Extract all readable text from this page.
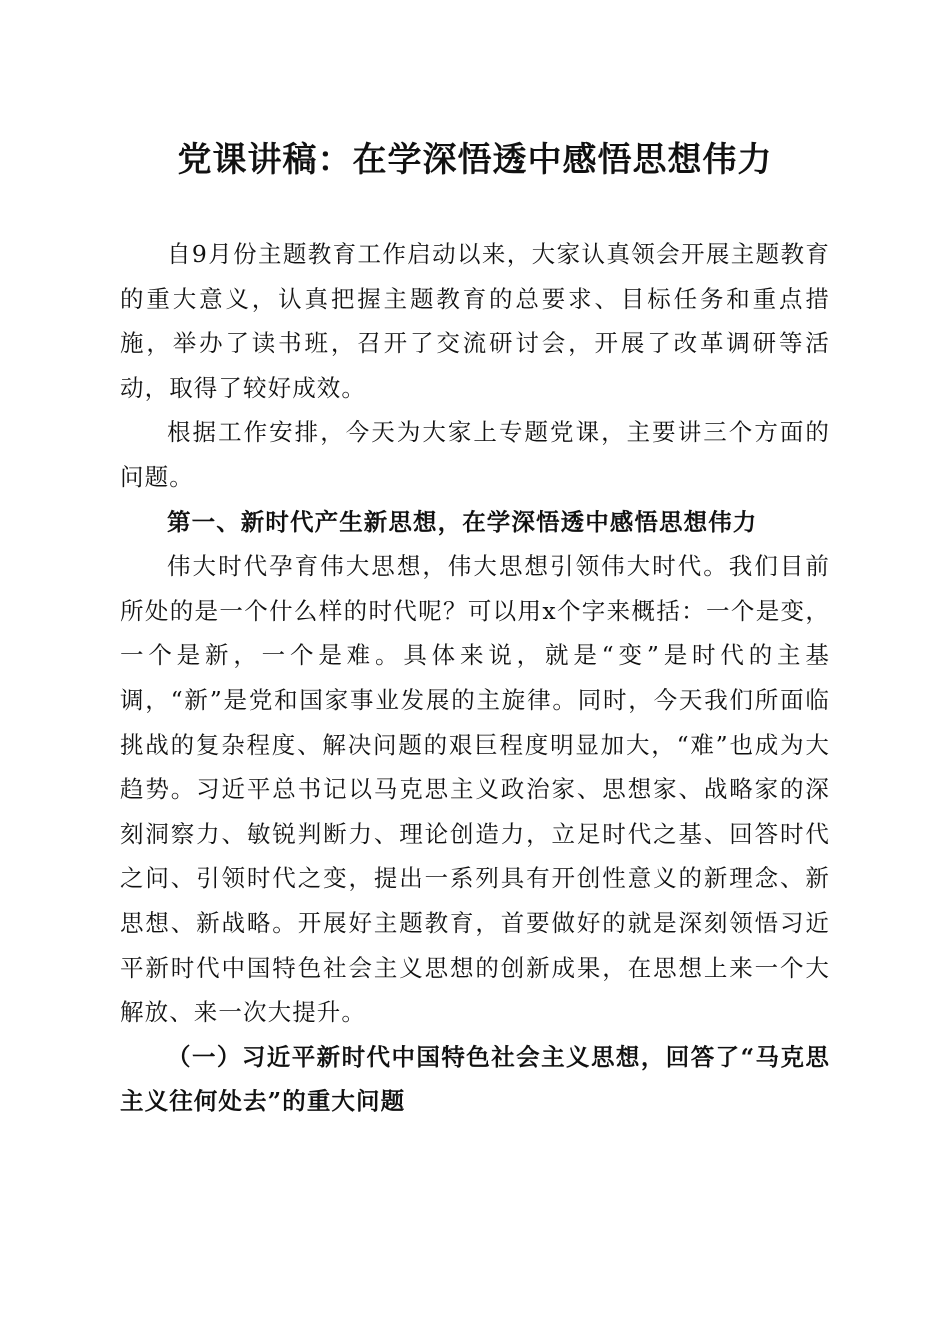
党课讲稿：在学深悟透中感悟思想伟力

自9月份主题教育工作启动以来，大家认真领会开展主题教育的重大意义，认真把握主题教育的总要求、目标任务和重点措施，举办了读书班，召开了交流研讨会，开展了改革调研等活动，取得了较好成效。

根据工作安排，今天为大家上专题党课，主要讲三个方面的问题。

第一、新时代产生新思想，在学深悟透中感悟思想伟力

伟大时代孕育伟大思想，伟大思想引领伟大时代。我们目前所处的是一个什么样的时代呢？可以用x个字来概括：一个是变，一个是新，一个是难。具体来说，就是“变”是时代的主基调，“新”是党和国家事业发展的主旋律。同时，今天我们所面临挑战的复杂程度、解决问题的艰巨程度明显加大，“难”也成为大趋势。习近平总书记以马克思主义政治家、思想家、战略家的深刻洞察力、敏锐判断力、理论创造力，立足时代之基、回答时代之问、引领时代之变，提出一系列具有开创性意义的新理念、新思想、新战略。开展好主题教育，首要做好的就是深刻领悟习近平新时代中国特色社会主义思想的创新成果，在思想上来一个大解放、来一次大提升。

（一）习近平新时代中国特色社会主义思想，回答了“马克思主义往何处去”的重大问题
